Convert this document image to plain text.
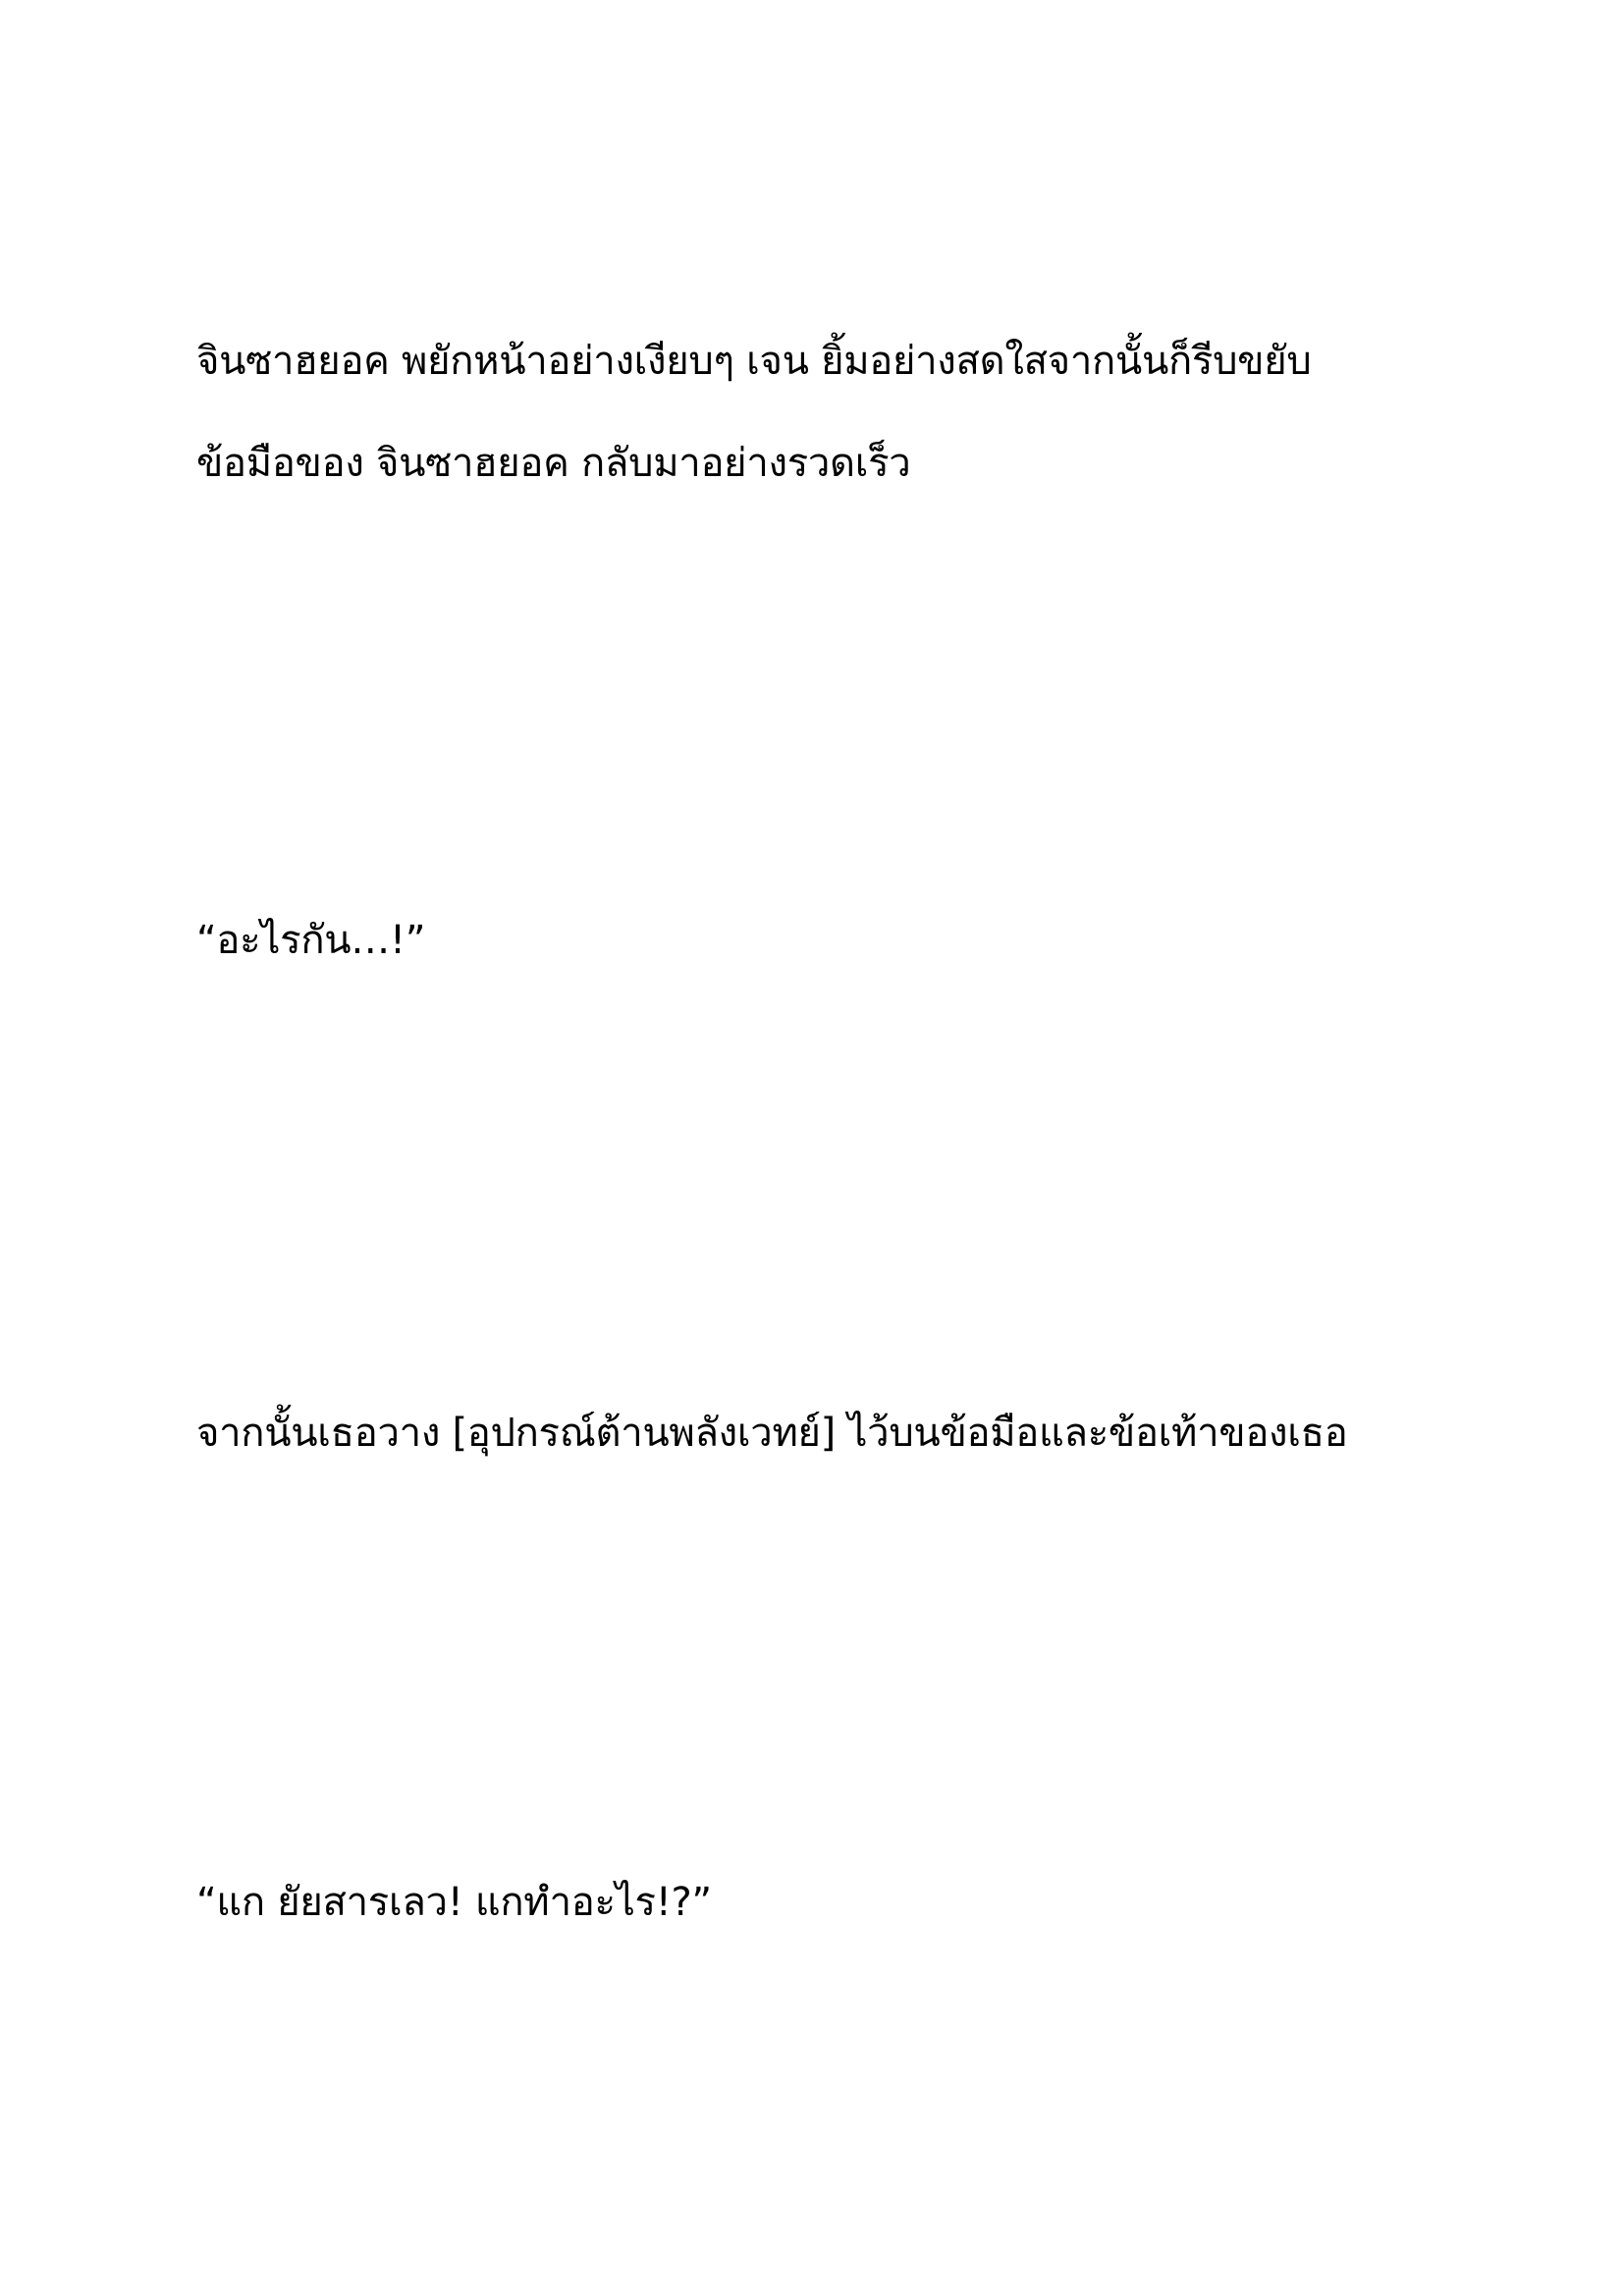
จินซาฮยอค พยักหน้าอย่างเงียบๆ เจน ยิ้มอย่างสดใสจากนั้นก็รีบขยับ
ข้อมือของ จินซาฮยอค กลับมาอย่างรวดเร็ว

“อะไรกัน…!”

จากนั้นเธอวาง [อุปกรณ์ต้านพลังเวทย์] ไว้บนข้อมือและข้อเท้าของเธอ

“แก ยัยสารเลว! แกทำอะไร!?”
